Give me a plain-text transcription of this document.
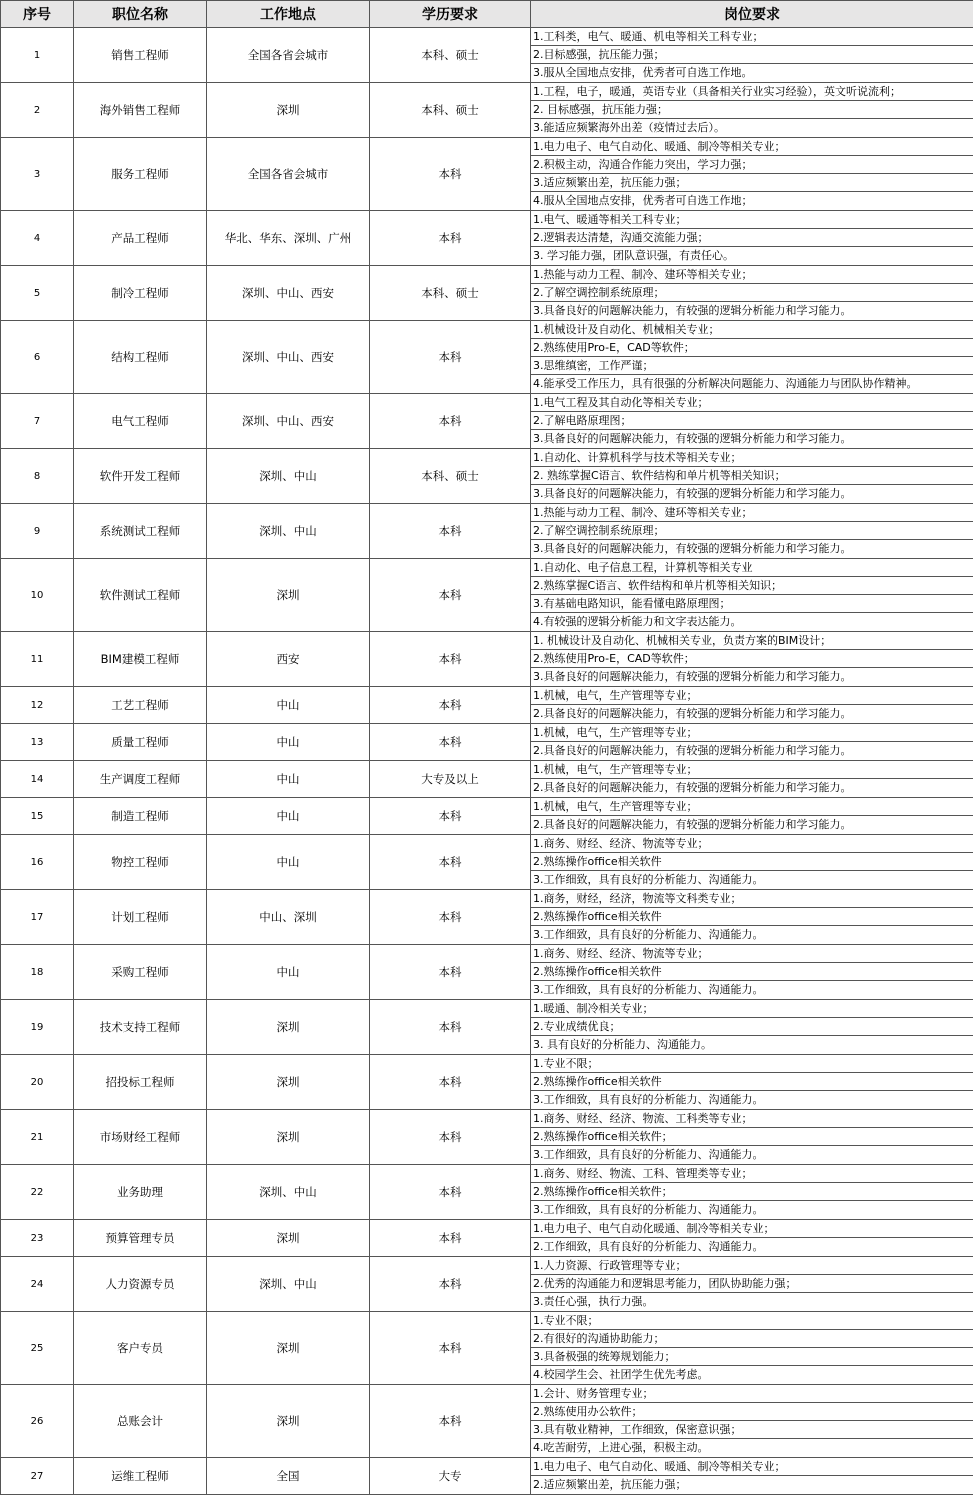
序号	职位名称	工作地点	学历要求	岗位要求
1	销售工程师	全国各省会城市	本科、硕士	1.工科类，电气、暖通、机电等相关工科专业；
2.目标感强，抗压能力强；
3.服从全国地点安排，优秀者可自选工作地。

2	海外销售工程师	深圳	本科、硕士	1.工程，电子，暖通，英语专业（具备相关行业实习经验），英文听说流利；
2. 目标感强，抗压能力强；
3.能适应频繁海外出差（疫情过去后）。

3	服务工程师	全国各省会城市	本科	1.电力电子、电气自动化、暖通、制冷等相关专业；
2.积极主动，沟通合作能力突出，学习力强；
3.适应频繁出差，抗压能力强；
4.服从全国地点安排，优秀者可自选工作地；

4	产品工程师	华北、华东、深圳、广州	本科	1.电气、暖通等相关工科专业；
2.逻辑表达清楚，沟通交流能力强；
3. 学习能力强，团队意识强，有责任心。

5	制冷工程师	深圳、中山、西安	本科、硕士	1.热能与动力工程、制冷、建环等相关专业；
2.了解空调控制系统原理；
3.具备良好的问题解决能力，有较强的逻辑分析能力和学习能力。

6	结构工程师	深圳、中山、西安	本科	1.机械设计及自动化、机械相关专业；
2.熟练使用Pro-E，CAD等软件；
3.思维缜密，工作严谨；
4.能承受工作压力，具有很强的分析解决问题能力、沟通能力与团队协作精神。

7	电气工程师	深圳、中山、西安	本科	1.电气工程及其自动化等相关专业；
2.了解电路原理图；
3.具备良好的问题解决能力，有较强的逻辑分析能力和学习能力。

8	软件开发工程师	深圳、中山	本科、硕士	1.自动化、计算机科学与技术等相关专业；
2. 熟练掌握C语言、软件结构和单片机等相关知识；
3.具备良好的问题解决能力，有较强的逻辑分析能力和学习能力。

9	系统测试工程师	深圳、中山	本科	1.热能与动力工程、制冷、建环等相关专业；
2.了解空调控制系统原理；
3.具备良好的问题解决能力，有较强的逻辑分析能力和学习能力。

10	软件测试工程师	深圳	本科	1.自动化、电子信息工程，计算机等相关专业
2.熟练掌握C语言、软件结构和单片机等相关知识；
3.有基础电路知识，能看懂电路原理图；
4.有较强的逻辑分析能力和文字表达能力。

11	BIM建模工程师	西安	本科	1. 机械设计及自动化、机械相关专业，负责方案的BIM设计；
2.熟练使用Pro-E，CAD等软件；
3.具备良好的问题解决能力，有较强的逻辑分析能力和学习能力。

12	工艺工程师	中山	本科	1.机械，电气，生产管理等专业；
2.具备良好的问题解决能力，有较强的逻辑分析能力和学习能力。

13	质量工程师	中山	本科	1.机械，电气，生产管理等专业；
2.具备良好的问题解决能力，有较强的逻辑分析能力和学习能力。

14	生产调度工程师	中山	大专及以上	1.机械，电气，生产管理等专业；
2.具备良好的问题解决能力，有较强的逻辑分析能力和学习能力。

15	制造工程师	中山	本科	1.机械，电气，生产管理等专业；
2.具备良好的问题解决能力，有较强的逻辑分析能力和学习能力。

16	物控工程师	中山	本科	1.商务、财经、经济、物流等专业；
2.熟练操作office相关软件
3.工作细致，具有良好的分析能力、沟通能力。

17	计划工程师	中山、深圳	本科	1.商务，财经，经济，物流等文科类专业；
2.熟练操作office相关软件
3.工作细致，具有良好的分析能力、沟通能力。

18	采购工程师	中山	本科	1.商务、财经、经济、物流等专业；
2.熟练操作office相关软件
3.工作细致，具有良好的分析能力、沟通能力。

19	技术支持工程师	深圳	本科	1.暖通、制冷相关专业；
2.专业成绩优良；
3. 具有良好的分析能力、沟通能力。

20	招投标工程师	深圳	本科	1.专业不限；
2.熟练操作office相关软件
3.工作细致，具有良好的分析能力、沟通能力。

21	市场财经工程师	深圳	本科	1.商务、财经、经济、物流、工科类等专业；
2.熟练操作office相关软件；
3.工作细致，具有良好的分析能力、沟通能力。

22	业务助理	深圳、中山	本科	1.商务、财经、物流、工科、管理类等专业；
2.熟练操作office相关软件；
3.工作细致，具有良好的分析能力、沟通能力。

23	预算管理专员	深圳	本科	1.电力电子、电气自动化暖通、制冷等相关专业；
2.工作细致，具有良好的分析能力、沟通能力。

24	人力资源专员	深圳、中山	本科	1.人力资源、行政管理等专业；
2.优秀的沟通能力和逻辑思考能力，团队协助能力强；
3.责任心强，执行力强。

25	客户专员	深圳	本科	1.专业不限；
2.有很好的沟通协助能力；
3.具备极强的统筹规划能力；
4.校园学生会、社团学生优先考虑。

26	总账会计	深圳	本科	1.会计、财务管理专业；
2.熟练使用办公软件；
3.具有敬业精神，工作细致，保密意识强；
4.吃苦耐劳，上进心强，积极主动。

27	运维工程师	全国	大专	1.电力电子、电气自动化、暖通、制冷等相关专业；
2.适应频繁出差，抗压能力强；
